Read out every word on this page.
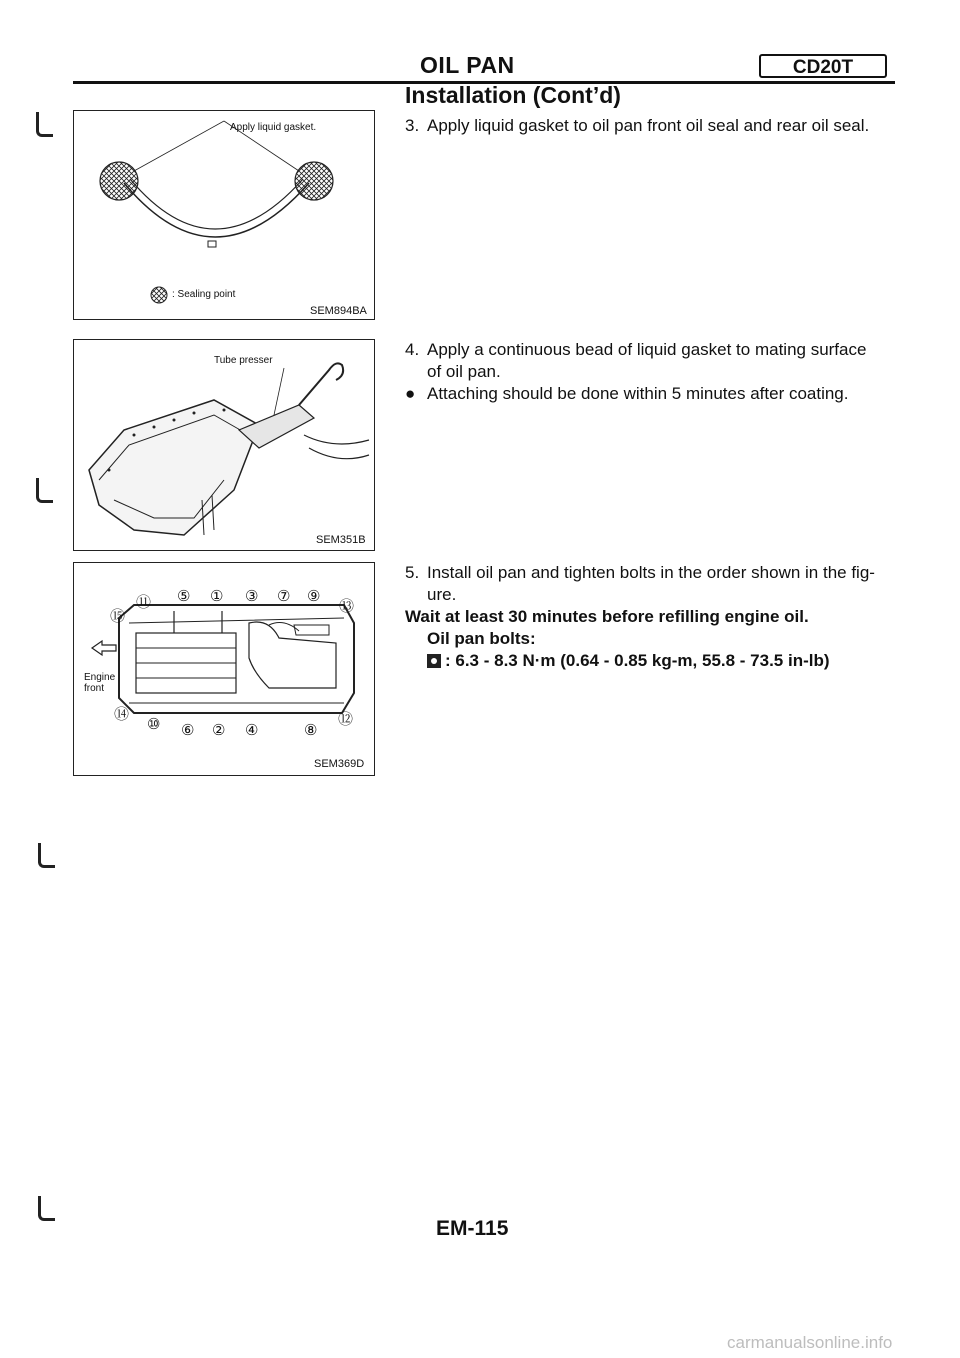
OIL PAN	CD20T
Installation (Cont’d)
Apply liquid gasket.
: Sealing point
SEM894BA
Tube presser
SEM351B
⑪ ⑤ ① ③ ⑦ ⑨
⑬
⑮
⑭
⑩ ⑥ ② ④	⑧
⑫
Engine
front
SEM369D
3. Apply liquid gasket to oil pan front oil seal and rear oil seal.
4. Apply a continuous bead of liquid gasket to mating surface
of oil pan.
● Attaching should be done within 5 minutes after coating.
5. Install oil pan and tighten bolts in the order shown in the fig-
ure.
Wait at least 30 minutes before refilling engine oil.
Oil pan bolts:
: 6.3 - 8.3 N·m (0.64 - 0.85 kg-m, 55.8 - 73.5 in-lb)
EM-115
carmanualsonline.info
